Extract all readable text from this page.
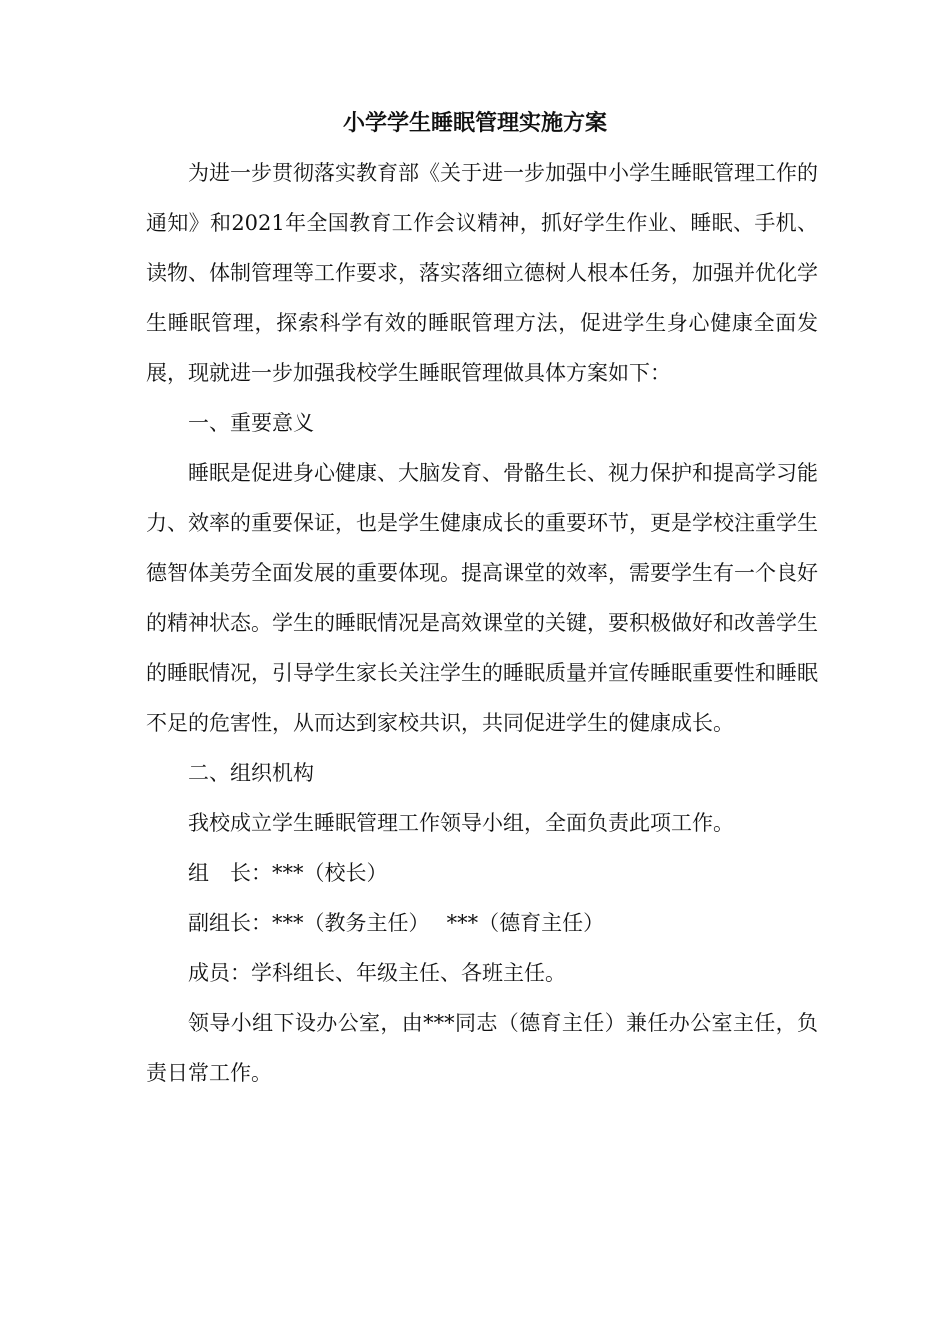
小学学生睡眠管理实施方案

为进一步贯彻落实教育部《关于进一步加强中小学生睡眠管理工作的通知》和2021年全国教育工作会议精神，抓好学生作业、睡眠、手机、读物、体制管理等工作要求，落实落细立德树人根本任务，加强并优化学生睡眠管理，探索科学有效的睡眠管理方法，促进学生身心健康全面发展，现就进一步加强我校学生睡眠管理做具体方案如下：

一、重要意义

睡眠是促进身心健康、大脑发育、骨骼生长、视力保护和提高学习能力、效率的重要保证，也是学生健康成长的重要环节，更是学校注重学生德智体美劳全面发展的重要体现。提高课堂的效率，需要学生有一个良好的精神状态。学生的睡眠情况是高效课堂的关键，要积极做好和改善学生的睡眠情况，引导学生家长关注学生的睡眠质量并宣传睡眠重要性和睡眠不足的危害性，从而达到家校共识，共同促进学生的健康成长。

二、组织机构

我校成立学生睡眠管理工作领导小组，全面负责此项工作。

组　长：***（校长）

副组长：***（教务主任）　 ***（德育主任）

成员：学科组长、年级主任、各班主任。

领导小组下设办公室，由***同志（德育主任）兼任办公室主任，负责日常工作。
